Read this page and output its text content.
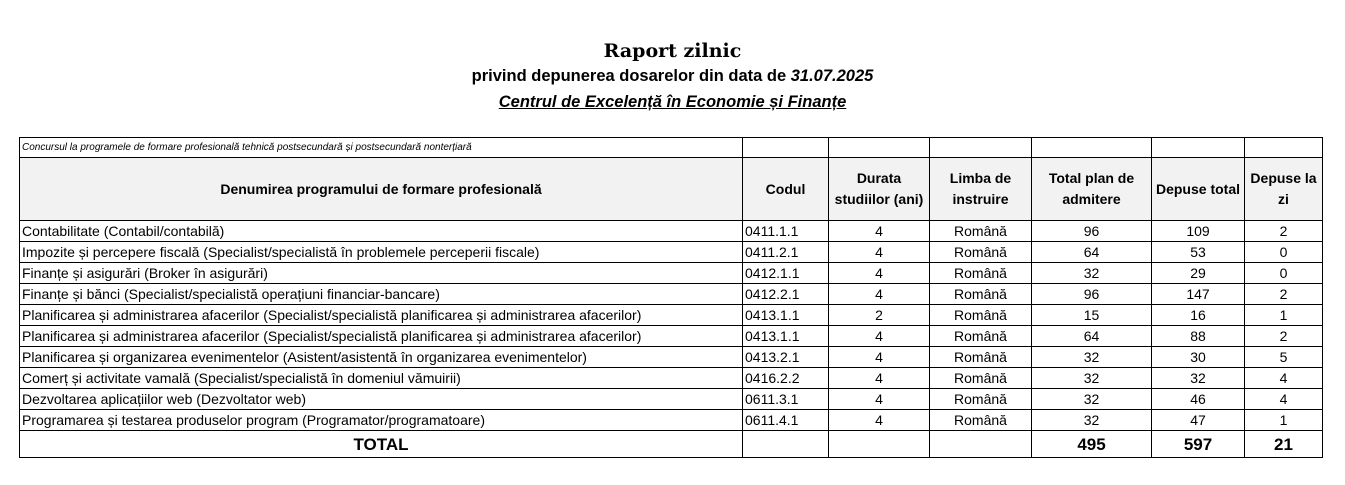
Raport zilnic
privind depunerea dosarelor din data de 31.07.2025
Centrul de Excelență în Economie și Finanțe
Concursul la programele de formare profesională tehnică postsecundară și postsecundară nonterțiară						
Denumirea programului de formare profesională	Codul	Durata studiilor (ani)	Limba de instruire	Total plan de admitere	Depuse total	Depuse la zi
Contabilitate (Contabil/contabilă)	0411.1.1	4	Română	96	109	2
Impozite și percepere fiscală (Specialist/specialistă în problemele perceperii fiscale)	0411.2.1	4	Română	64	53	0
Finanțe și asigurări (Broker în asigurări)	0412.1.1	4	Română	32	29	0
Finanțe și bănci (Specialist/specialistă operațiuni financiar-bancare)	0412.2.1	4	Română	96	147	2
Planificarea și administrarea afacerilor (Specialist/specialistă planificarea și administrarea afacerilor)	0413.1.1	2	Română	15	16	1
Planificarea și administrarea afacerilor (Specialist/specialistă planificarea și administrarea afacerilor)	0413.1.1	4	Română	64	88	2
Planificarea și organizarea evenimentelor (Asistent/asistentă în organizarea evenimentelor)	0413.2.1	4	Română	32	30	5
Comerț și activitate vamală (Specialist/specialistă în domeniul vămuirii)	0416.2.2	4	Română	32	32	4
Dezvoltarea aplicațiilor web (Dezvoltator web)	0611.3.1	4	Română	32	46	4
Programarea și testarea produselor program (Programator/programatoare)	0611.4.1	4	Română	32	47	1
TOTAL				495	597	21
